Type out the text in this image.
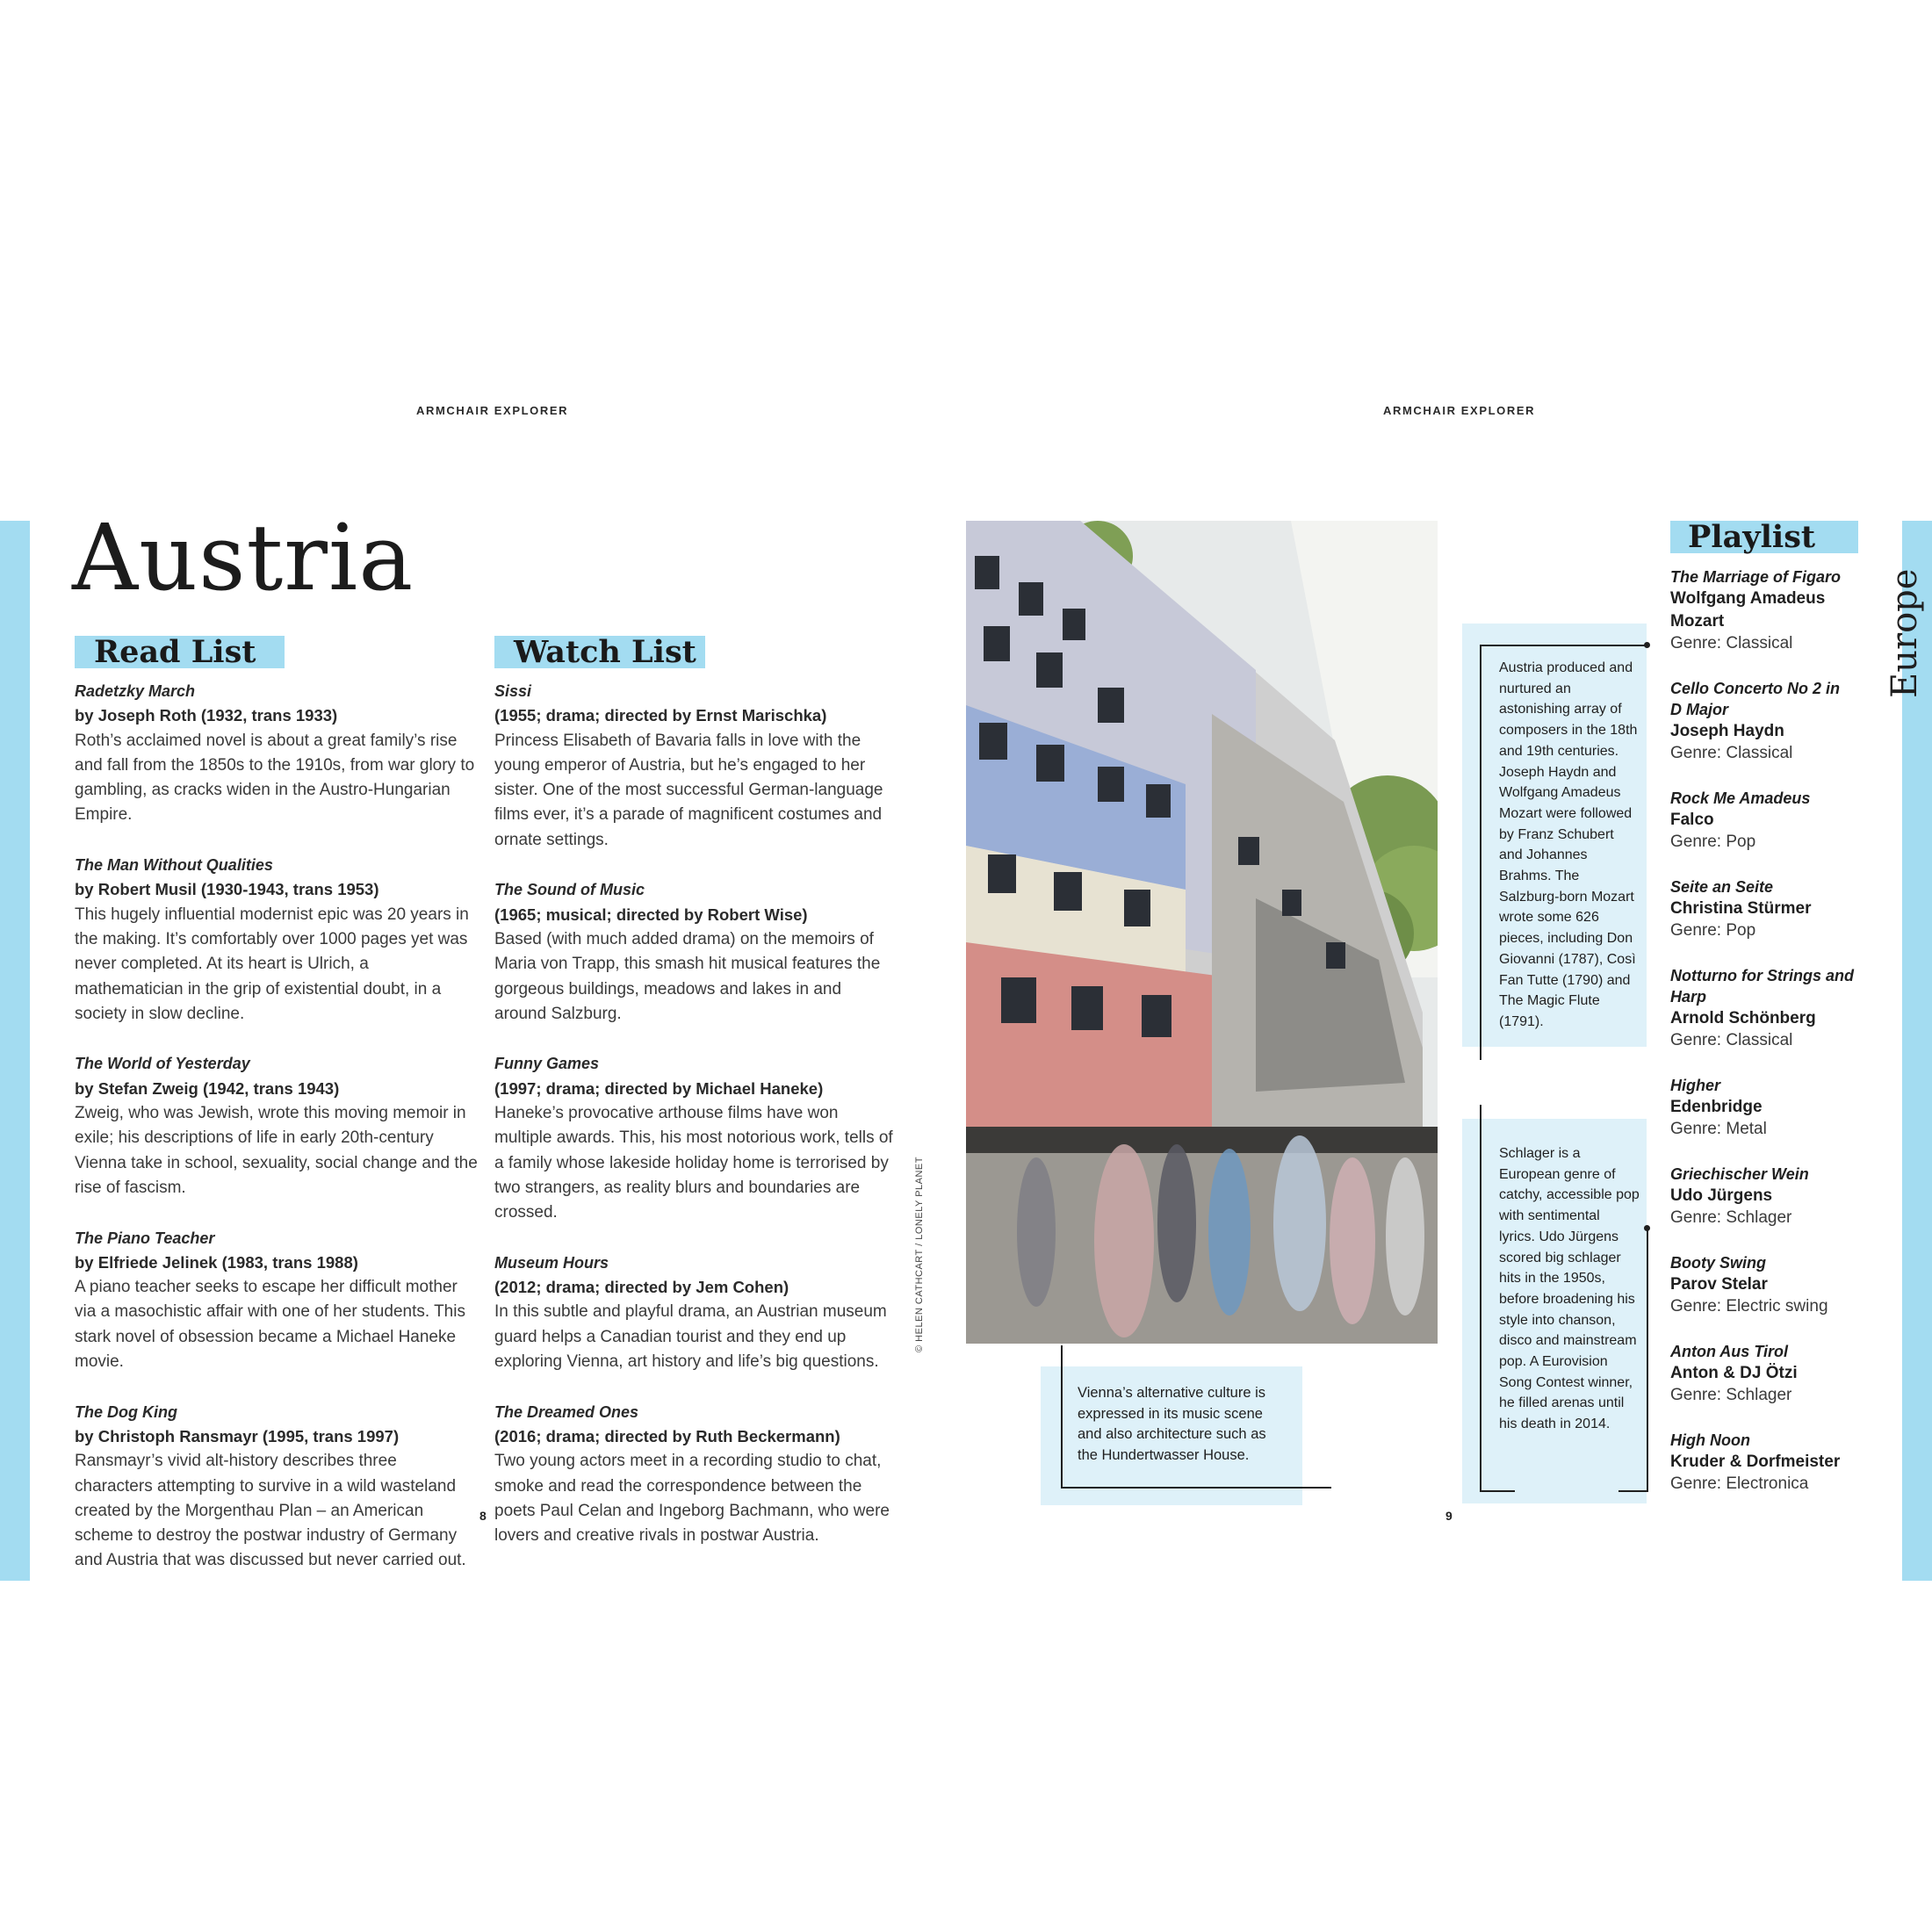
ARMCHAIR EXPLORER
Austria
Read List	Watch List
Radetzky March
by Joseph Roth (1932, trans 1933)
Roth’s acclaimed novel is about a great family’s rise and fall from the 1850s to the 1910s, from war glory to gambling, as cracks widen in the Austro-Hungarian Empire.
The Man Without Qualities
by Robert Musil (1930-1943, trans 1953)
This hugely influential modernist epic was 20 years in the making. It’s comfortably over 1000 pages yet was never completed. At its heart is Ulrich, a mathematician in the grip of existential doubt, in a society in slow decline.
The World of Yesterday
by Stefan Zweig (1942, trans 1943)
Zweig, who was Jewish, wrote this moving memoir in exile; his descriptions of life in early 20th-century Vienna take in school, sexuality, social change and the rise of fascism.
The Piano Teacher
by Elfriede Jelinek (1983, trans 1988)
A piano teacher seeks to escape her difficult mother via a masochistic affair with one of her students. This stark novel of obsession became a Michael Haneke movie.
The Dog King
by Christoph Ransmayr (1995, trans 1997)
Ransmayr’s vivid alt-history describes three characters attempting to survive in a wild wasteland created by the Morgenthau Plan – an American scheme to destroy the postwar industry of Germany and Austria that was discussed but never carried out.
Sissi
(1955; drama; directed by Ernst Marischka)
Princess Elisabeth of Bavaria falls in love with the young emperor of Austria, but he’s engaged to her sister. One of the most successful German-language films ever, it’s a parade of magnificent costumes and ornate settings.
The Sound of Music
(1965; musical; directed by Robert Wise)
Based (with much added drama) on the memoirs of Maria von Trapp, this smash hit musical features the gorgeous buildings, meadows and lakes in and around Salzburg.
Funny Games
(1997; drama; directed by Michael Haneke)
Haneke’s provocative arthouse films have won multiple awards. This, his most notorious work, tells of a family whose lakeside holiday home is terrorised by two strangers, as reality blurs and boundaries are crossed.
Museum Hours
(2012; drama; directed by Jem Cohen)
In this subtle and playful drama, an Austrian museum guard helps a Canadian tourist and they end up exploring Vienna, art history and life’s big questions.
The Dreamed Ones
(2016; drama; directed by Ruth Beckermann)
Two young actors meet in a recording studio to chat, smoke and read the correspondence between the poets Paul Celan and Ingeborg Bachmann, who were lovers and creative rivals in postwar Austria.
8
ARMCHAIR EXPLORER
© HELEN CATHCART / LONELY PLANET
Vienna’s alternative culture is expressed in its music scene and also architecture such as the Hundertwasser House.
Austria produced and nurtured an astonishing array of composers in the 18th and 19th centuries. Joseph Haydn and Wolfgang Amadeus Mozart were followed by Franz Schubert and Johannes Brahms. The Salzburg-born Mozart wrote some 626 pieces, including Don Giovanni (1787), Così Fan Tutte (1790) and The Magic Flute (1791).
Schlager is a European genre of catchy, accessible pop with sentimental lyrics. Udo Jürgens scored big schlager hits in the 1950s, before broadening his style into chanson, disco and mainstream pop. A Eurovision Song Contest winner, he filled arenas until his death in 2014.
Playlist
The Marriage of Figaro
Wolfgang Amadeus Mozart
Genre: Classical
Cello Concerto No 2 in D Major
Joseph Haydn
Genre: Classical
Rock Me Amadeus
Falco
Genre: Pop
Seite an Seite
Christina Stürmer
Genre: Pop
Notturno for Strings and Harp
Arnold Schönberg
Genre: Classical
Higher
Edenbridge
Genre: Metal
Griechischer Wein
Udo Jürgens
Genre: Schlager
Booty Swing
Parov Stelar
Genre: Electric swing
Anton Aus Tirol
Anton & DJ Ötzi
Genre: Schlager
High Noon
Kruder & Dorfmeister
Genre: Electronica
Europe
9
